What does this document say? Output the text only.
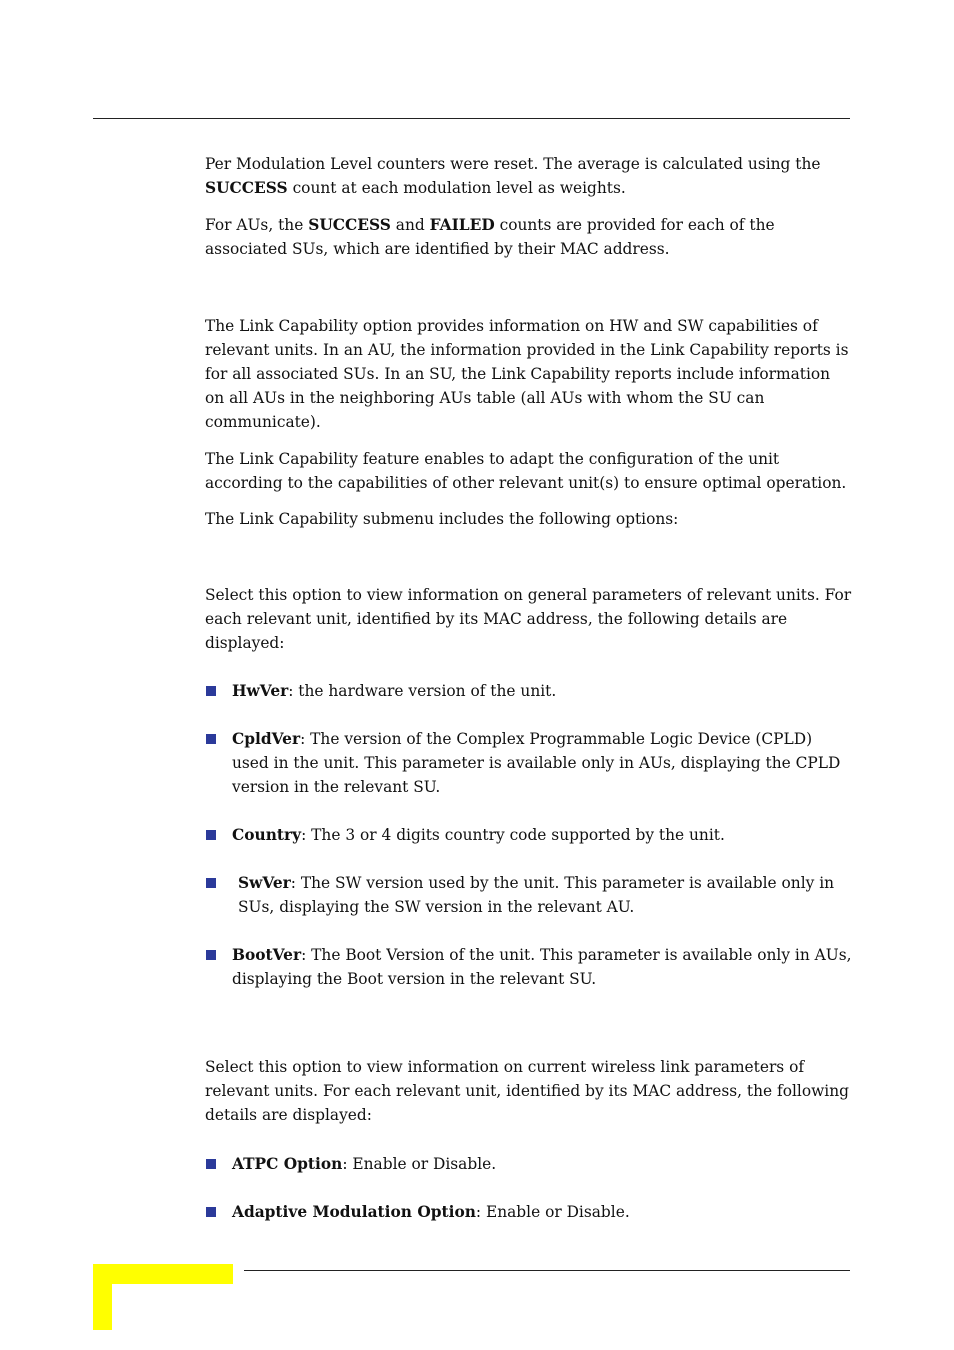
Per Modulation Level counters were reset. The average is calculated using the SUCCESS count at each modulation level as weights.

For AUs, the SUCCESS and FAILED counts are provided for each of the associated SUs, which are identified by their MAC address.

The Link Capability option provides information on HW and SW capabilities of relevant units. In an AU, the information provided in the Link Capability reports is for all associated SUs. In an SU, the Link Capability reports include information on all AUs in the neighboring AUs table (all AUs with whom the SU can communicate).

The Link Capability feature enables to adapt the configuration of the unit according to the capabilities of other relevant unit(s) to ensure optimal operation.

The Link Capability submenu includes the following options:

Select this option to view information on general parameters of relevant units. For each relevant unit, identified by its MAC address, the following details are displayed:

HwVer: the hardware version of the unit.
CpldVer: The version of the Complex Programmable Logic Device (CPLD) used in the unit. This parameter is available only in AUs, displaying the CPLD version in the relevant SU.
Country: The 3 or 4 digits country code supported by the unit.
SwVer: The SW version used by the unit. This parameter is available only in SUs, displaying the SW version in the relevant AU.
BootVer: The Boot Version of the unit. This parameter is available only in AUs, displaying the Boot version in the relevant SU.

Select this option to view information on current wireless link parameters of relevant units. For each relevant unit, identified by its MAC address, the following details are displayed:

ATPC Option: Enable or Disable.
Adaptive Modulation Option: Enable or Disable.
